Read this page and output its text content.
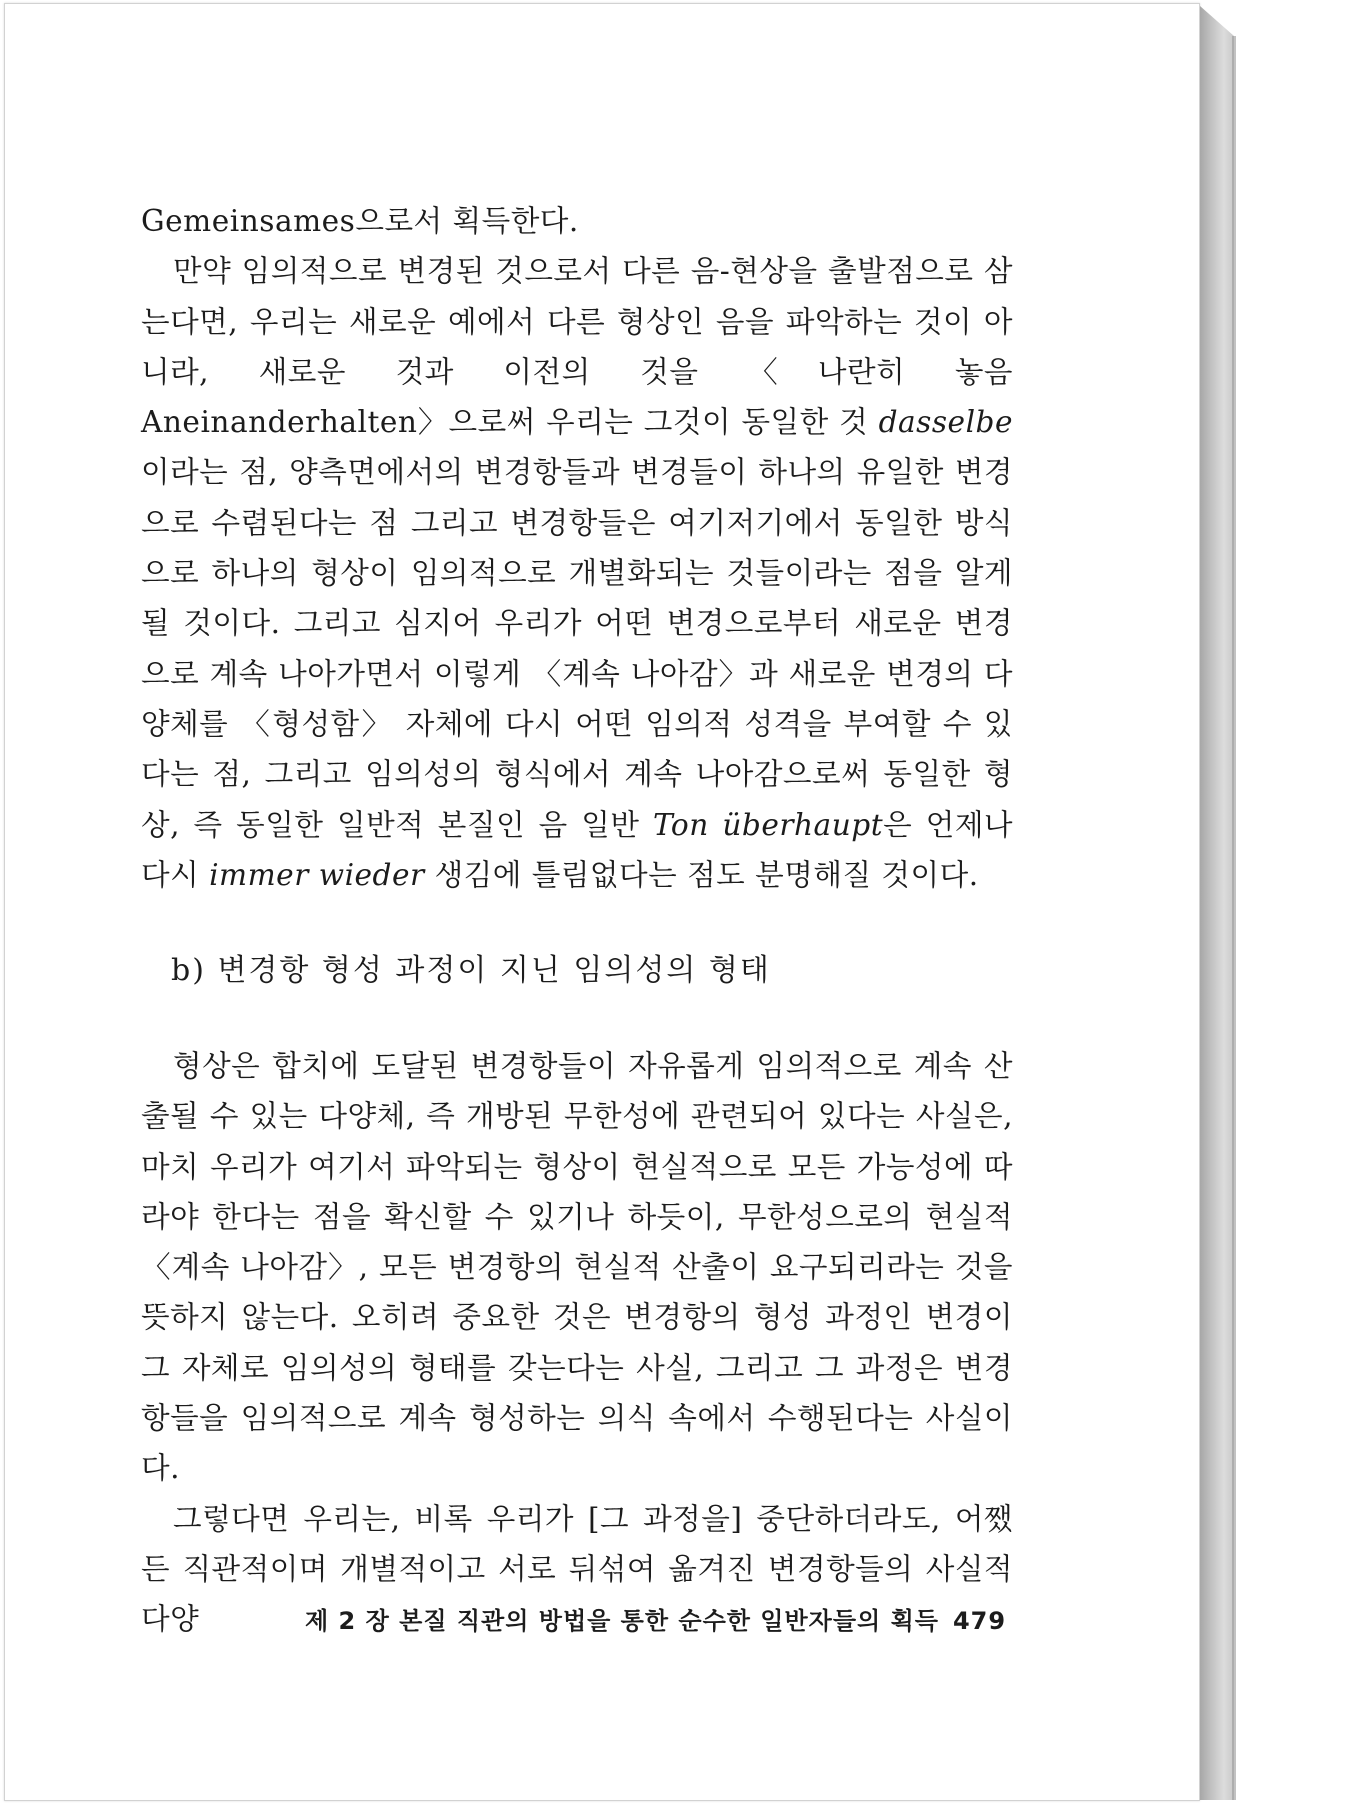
Gemeinsames으로서 획득한다.

만약 임의적으로 변경된 것으로서 다른 음-현상을 출발점으로 삼는다면, 우리는 새로운 예에서 다른 형상인 음을 파악하는 것이 아니라, 새로운 것과 이전의 것을 〈나란히 놓음 Aneinanderhalten〉으로써 우리는 그것이 동일한 것 dasselbe이라는 점, 양측면에서의 변경항들과 변경들이 하나의 유일한 변경으로 수렴된다는 점 그리고 변경항들은 여기저기에서 동일한 방식으로 하나의 형상이 임의적으로 개별화되는 것들이라는 점을 알게 될 것이다. 그리고 심지어 우리가 어떤 변경으로부터 새로운 변경으로 계속 나아가면서 이렇게 〈계속 나아감〉과 새로운 변경의 다양체를 〈형성함〉 자체에 다시 어떤 임의적 성격을 부여할 수 있다는 점, 그리고 임의성의 형식에서 계속 나아감으로써 동일한 형상, 즉 동일한 일반적 본질인 음 일반 Ton überhaupt은 언제나 다시 immer wieder 생김에 틀림없다는 점도 분명해질 것이다.

b) 변경항 형성 과정이 지닌 임의성의 형태

형상은 합치에 도달된 변경항들이 자유롭게 임의적으로 계속 산출될 수 있는 다양체, 즉 개방된 무한성에 관련되어 있다는 사실은, 마치 우리가 여기서 파악되는 형상이 현실적으로 모든 가능성에 따라야 한다는 점을 확신할 수 있기나 하듯이, 무한성으로의 현실적 〈계속 나아감〉, 모든 변경항의 현실적 산출이 요구되리라는 것을 뜻하지 않는다. 오히려 중요한 것은 변경항의 형성 과정인 변경이 그 자체로 임의성의 형태를 갖는다는 사실, 그리고 그 과정은 변경항들을 임의적으로 계속 형성하는 의식 속에서 수행된다는 사실이다.

그렇다면 우리는, 비록 우리가 [그 과정을] 중단하더라도, 어쨌든 직관적이며 개별적이고 서로 뒤섞여 옮겨진 변경항들의 사실적 다양	제 2 장 본질 직관의 방법을 통한 순수한 일반자들의 획득 479
